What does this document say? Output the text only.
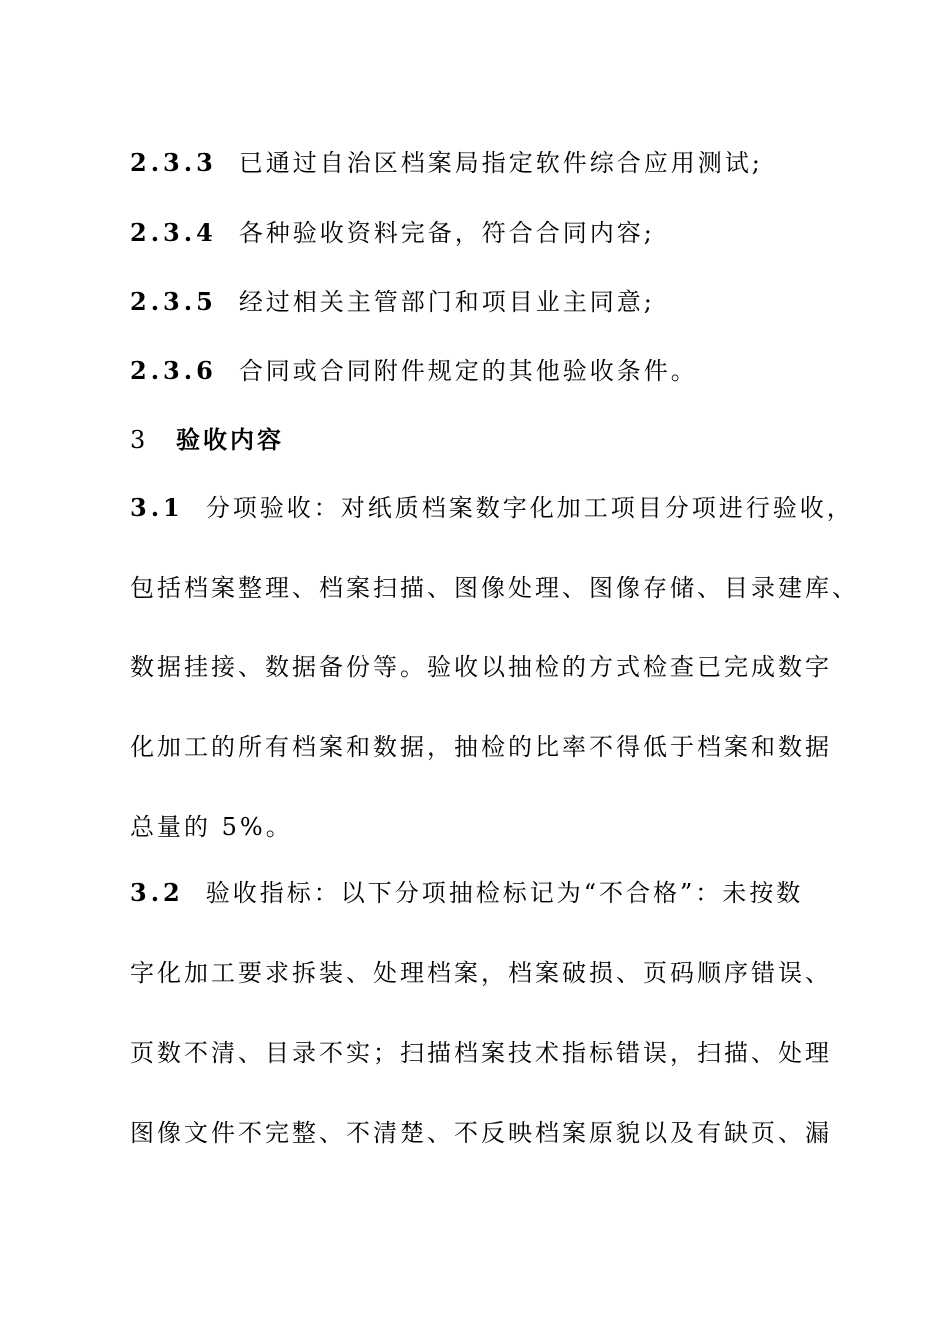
2.3.3 已通过自治区档案局指定软件综合应用测试;
2.3.4 各种验收资料完备，符合合同内容;
2.3.5 经过相关主管部门和项目业主同意;
2.3.6 合同或合同附件规定的其他验收条件。
3 验收内容
3.1 分项验收：对纸质档案数字化加工项目分项进行验收，
包括档案整理、档案扫描、图像处理、图像存储、目录建库、
数据挂接、数据备份等。验收以抽检的方式检查已完成数字
化加工的所有档案和数据，抽检的比率不得低于档案和数据
总量的 5%。
3.2 验收指标：以下分项抽检标记为“不合格”：未按数
字化加工要求拆装、处理档案，档案破损、页码顺序错误、
页数不清、目录不实；扫描档案技术指标错误，扫描、处理
图像文件不完整、不清楚、不反映档案原貌以及有缺页、漏
